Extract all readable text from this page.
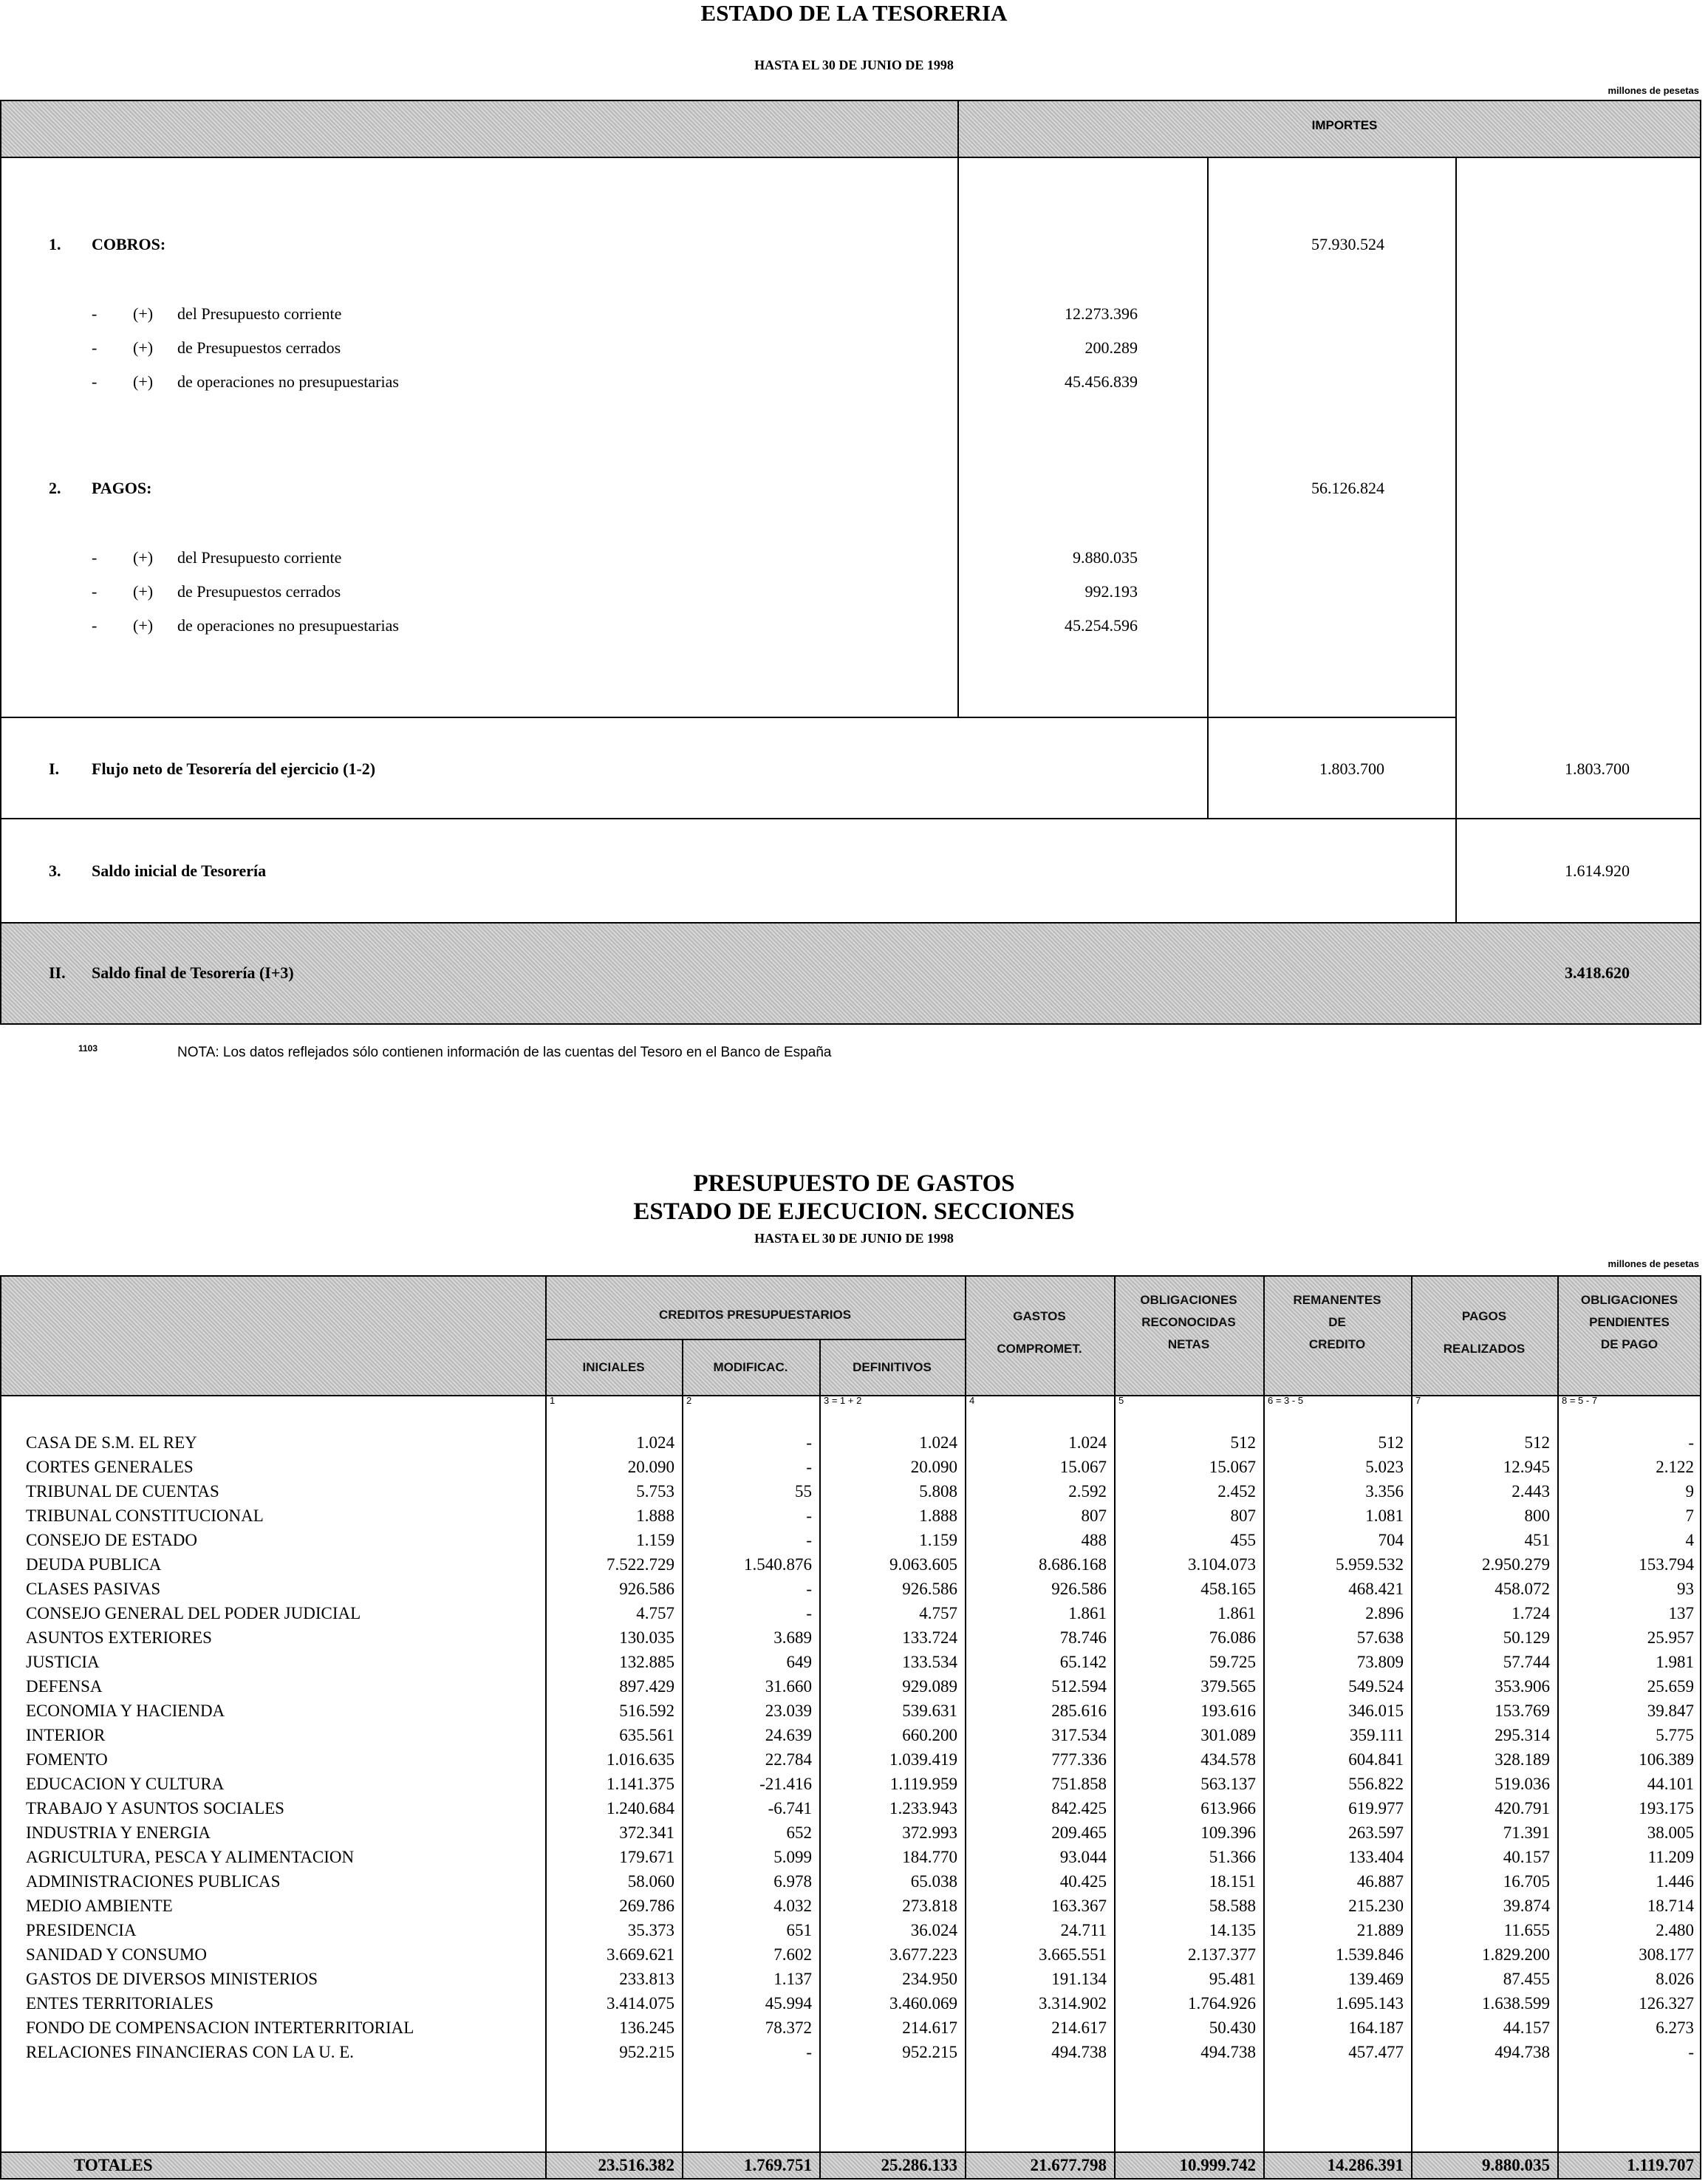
ESTADO DE LA TESORERIA
HASTA EL 30 DE JUNIO DE 1998
millones de pesetas
IMPORTES
1. COBROS:	57.930.524
- (+) del Presupuesto corriente	12.273.396
- (+) de Presupuestos cerrados	200.289
- (+) de operaciones no presupuestarias	45.456.839
2. PAGOS:	56.126.824
- (+) del Presupuesto corriente	9.880.035
- (+) de Presupuestos cerrados	992.193
- (+) de operaciones no presupuestarias	45.254.596
I. Flujo neto de Tesorería del ejercicio (1-2)	1.803.700	1.803.700
3. Saldo inicial de Tesorería	1.614.920
II. Saldo final de Tesorería (I+3)	3.418.620
1103	NOTA: Los datos reflejados sólo contienen información de las cuentas del Tesoro en el Banco de España
PRESUPUESTO DE GASTOS
ESTADO DE EJECUCION. SECCIONES
HASTA EL 30 DE JUNIO DE 1998
millones de pesetas
CREDITOS PRESUPUESTARIOS
INICIALES
1
MODIFICAC.
2
DEFINITIVOS
3 = 1 + 2
GASTOS
COMPROMET.
4
OBLIGACIONES
RECONOCIDAS
NETAS
5
REMANENTES
DE
CREDITO
6 = 3 - 5
PAGOS
REALIZADOS
7
OBLIGACIONES
PENDIENTES
DE PAGO
8 = 5 - 7
CASA DE S.M. EL REY	1.024	-	1.024	1.024	512	512	512	-
CORTES GENERALES	20.090	-	20.090	15.067	15.067	5.023	12.945	2.122
TRIBUNAL DE CUENTAS	5.753	55	5.808	2.592	2.452	3.356	2.443	9
TRIBUNAL CONSTITUCIONAL	1.888	-	1.888	807	807	1.081	800	7
CONSEJO DE ESTADO	1.159	-	1.159	488	455	704	451	4
DEUDA PUBLICA	7.522.729	1.540.876	9.063.605	8.686.168	3.104.073	5.959.532	2.950.279	153.794
CLASES PASIVAS	926.586	-	926.586	926.586	458.165	468.421	458.072	93
CONSEJO GENERAL DEL PODER JUDICIAL	4.757	-	4.757	1.861	1.861	2.896	1.724	137
ASUNTOS EXTERIORES	130.035	3.689	133.724	78.746	76.086	57.638	50.129	25.957
JUSTICIA	132.885	649	133.534	65.142	59.725	73.809	57.744	1.981
DEFENSA	897.429	31.660	929.089	512.594	379.565	549.524	353.906	25.659
ECONOMIA Y HACIENDA	516.592	23.039	539.631	285.616	193.616	346.015	153.769	39.847
INTERIOR	635.561	24.639	660.200	317.534	301.089	359.111	295.314	5.775
FOMENTO	1.016.635	22.784	1.039.419	777.336	434.578	604.841	328.189	106.389
EDUCACION Y CULTURA	1.141.375	-21.416	1.119.959	751.858	563.137	556.822	519.036	44.101
TRABAJO Y ASUNTOS SOCIALES	1.240.684	-6.741	1.233.943	842.425	613.966	619.977	420.791	193.175
INDUSTRIA Y ENERGIA	372.341	652	372.993	209.465	109.396	263.597	71.391	38.005
AGRICULTURA, PESCA Y ALIMENTACION	179.671	5.099	184.770	93.044	51.366	133.404	40.157	11.209
ADMINISTRACIONES PUBLICAS	58.060	6.978	65.038	40.425	18.151	46.887	16.705	1.446
MEDIO AMBIENTE	269.786	4.032	273.818	163.367	58.588	215.230	39.874	18.714
PRESIDENCIA	35.373	651	36.024	24.711	14.135	21.889	11.655	2.480
SANIDAD Y CONSUMO	3.669.621	7.602	3.677.223	3.665.551	2.137.377	1.539.846	1.829.200	308.177
GASTOS DE DIVERSOS MINISTERIOS	233.813	1.137	234.950	191.134	95.481	139.469	87.455	8.026
ENTES TERRITORIALES	3.414.075	45.994	3.460.069	3.314.902	1.764.926	1.695.143	1.638.599	126.327
FONDO DE COMPENSACION INTERTERRITORIAL	136.245	78.372	214.617	214.617	50.430	164.187	44.157	6.273
RELACIONES FINANCIERAS CON LA U. E.	952.215	-	952.215	494.738	494.738	457.477	494.738	-
TOTALES	23.516.382	1.769.751	25.286.133	21.677.798	10.999.742	14.286.391	9.880.035	1.119.707
